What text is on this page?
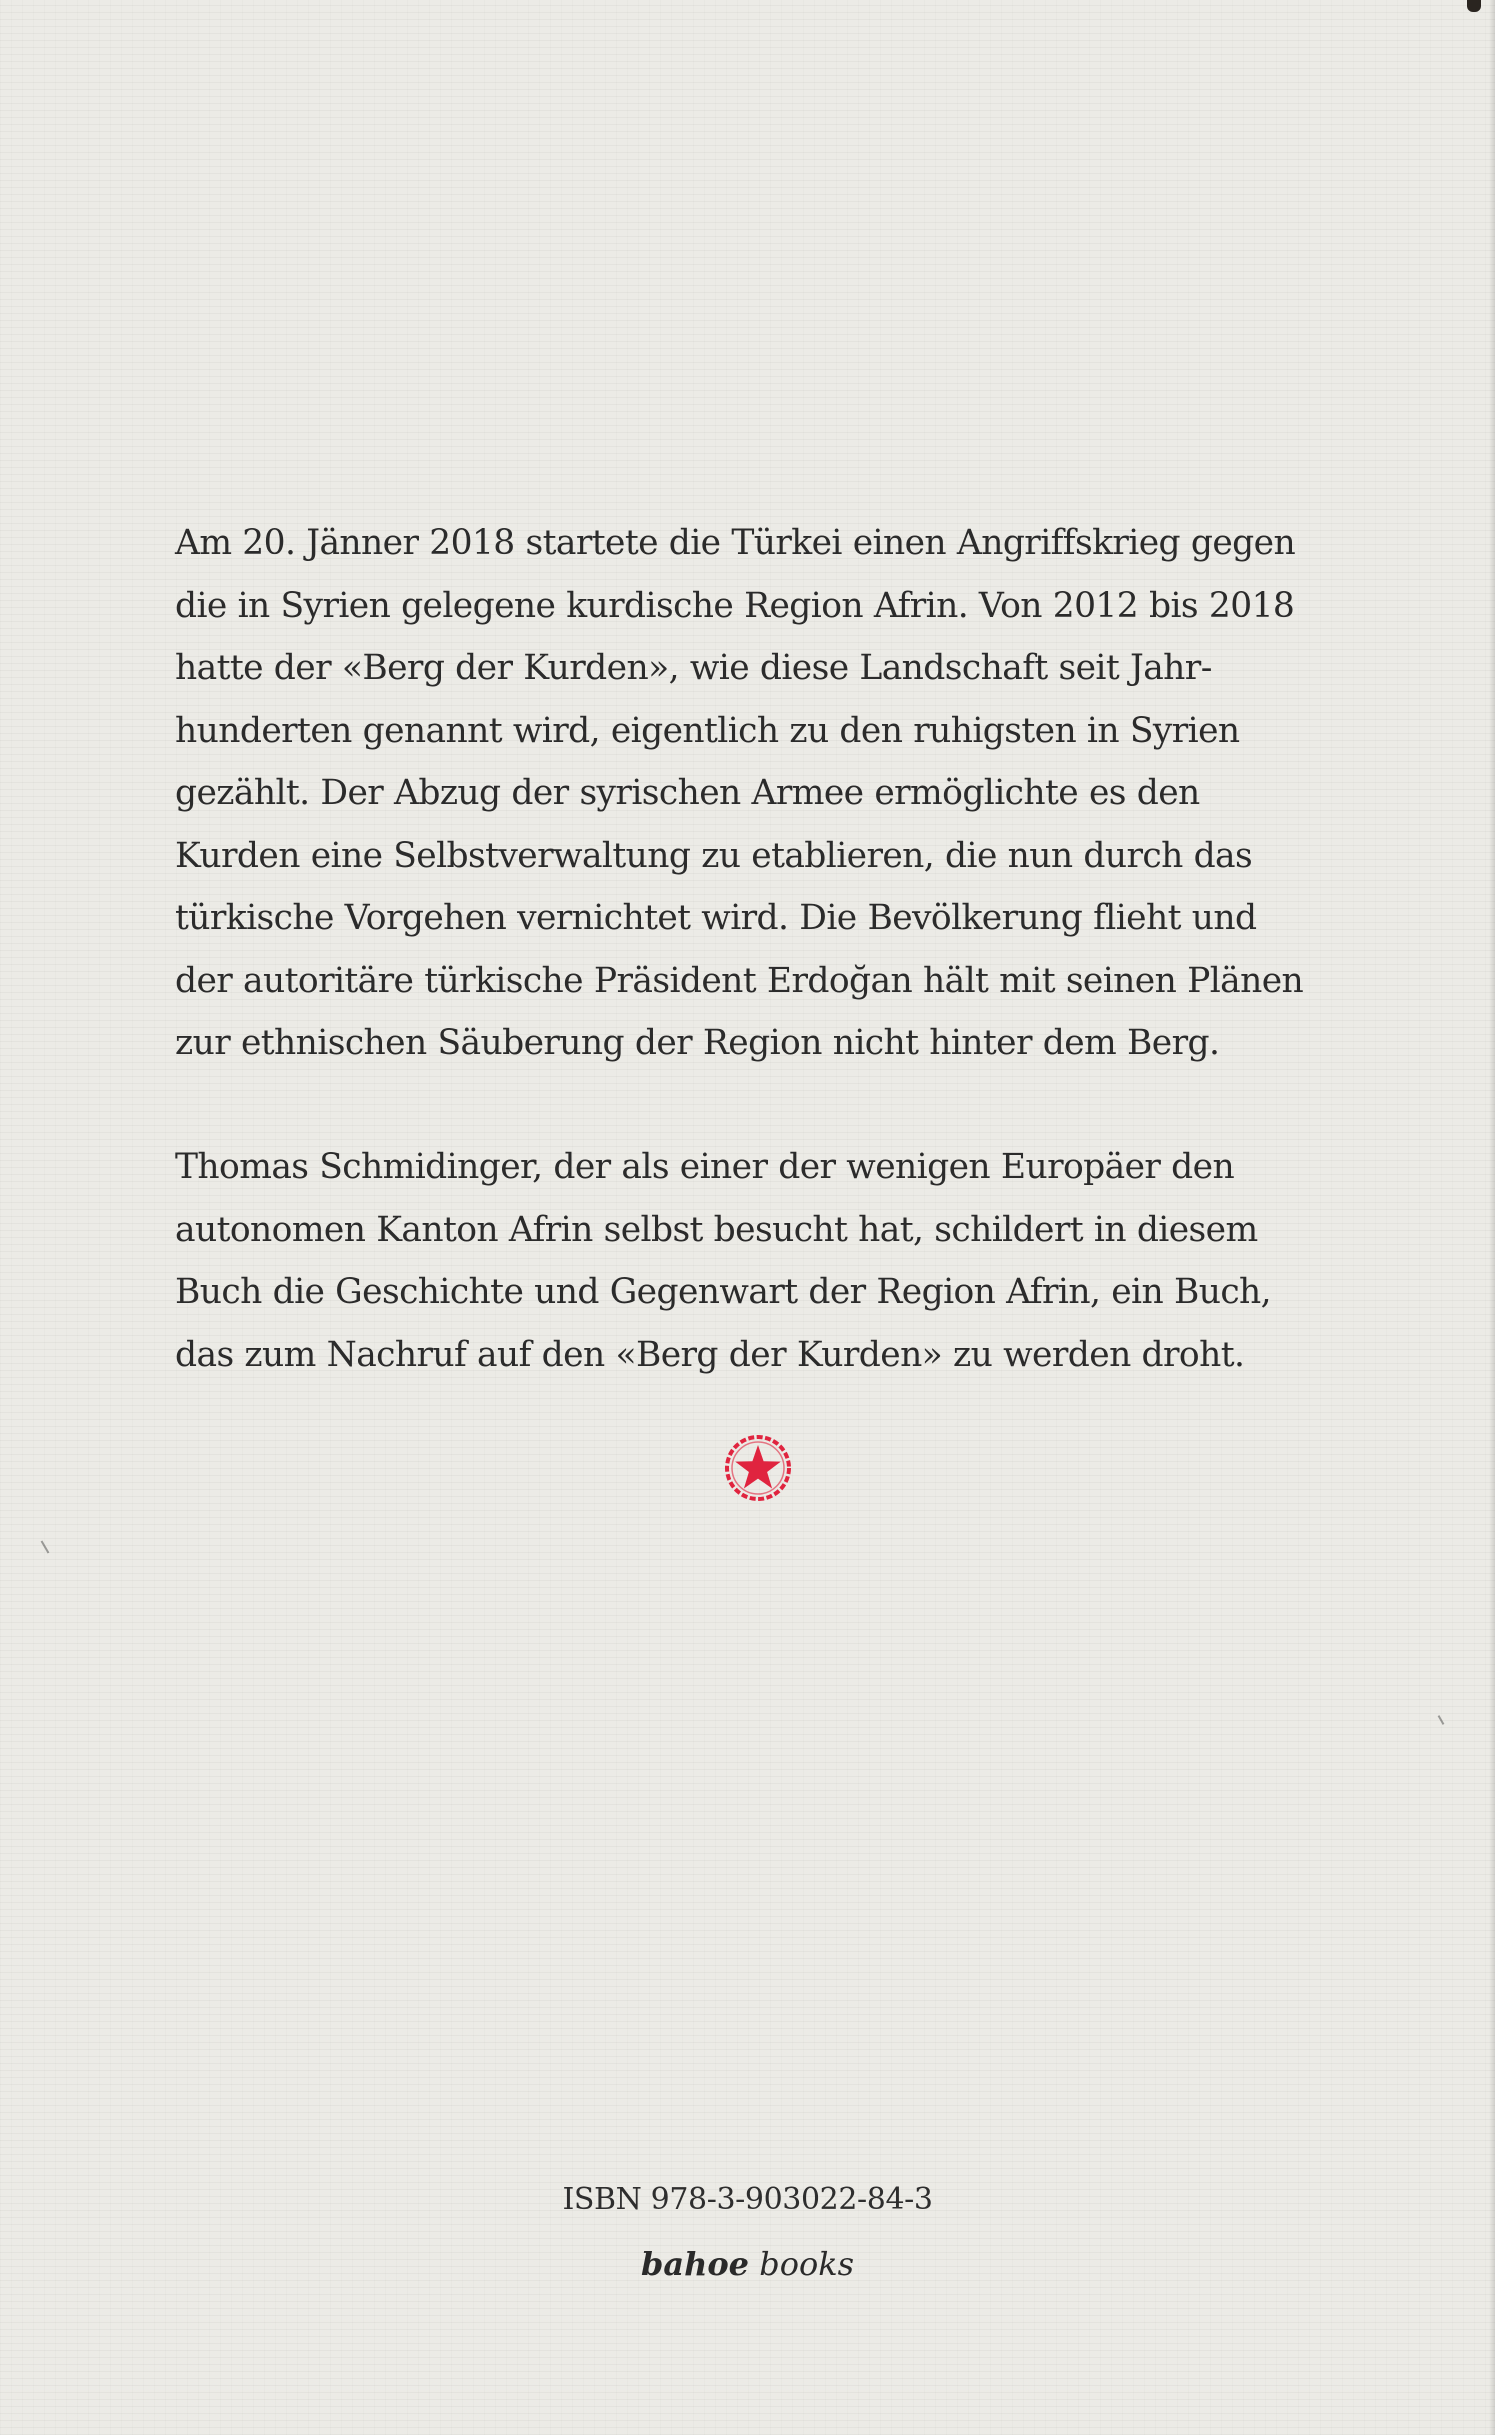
Am 20. Jänner 2018 startete die Türkei einen Angriffskrieg gegen
die in Syrien gelegene kurdische Region Afrin. Von 2012 bis 2018
hatte der «Berg der Kurden», wie diese Landschaft seit Jahr-
hunderten genannt wird, eigentlich zu den ruhigsten in Syrien
gezählt. Der Abzug der syrischen Armee ermöglichte es den
Kurden eine Selbstverwaltung zu etablieren, die nun durch das
türkische Vorgehen vernichtet wird. Die Bevölkerung flieht und
der autoritäre türkische Präsident Erdoğan hält mit seinen Plänen
zur ethnischen Säuberung der Region nicht hinter dem Berg.
Thomas Schmidinger, der als einer der wenigen Europäer den
autonomen Kanton Afrin selbst besucht hat, schildert in diesem
Buch die Geschichte und Gegenwart der Region Afrin, ein Buch,
das zum Nachruf auf den «Berg der Kurden» zu werden droht.
ISBN 978-3-903022-84-3
bahoe books
